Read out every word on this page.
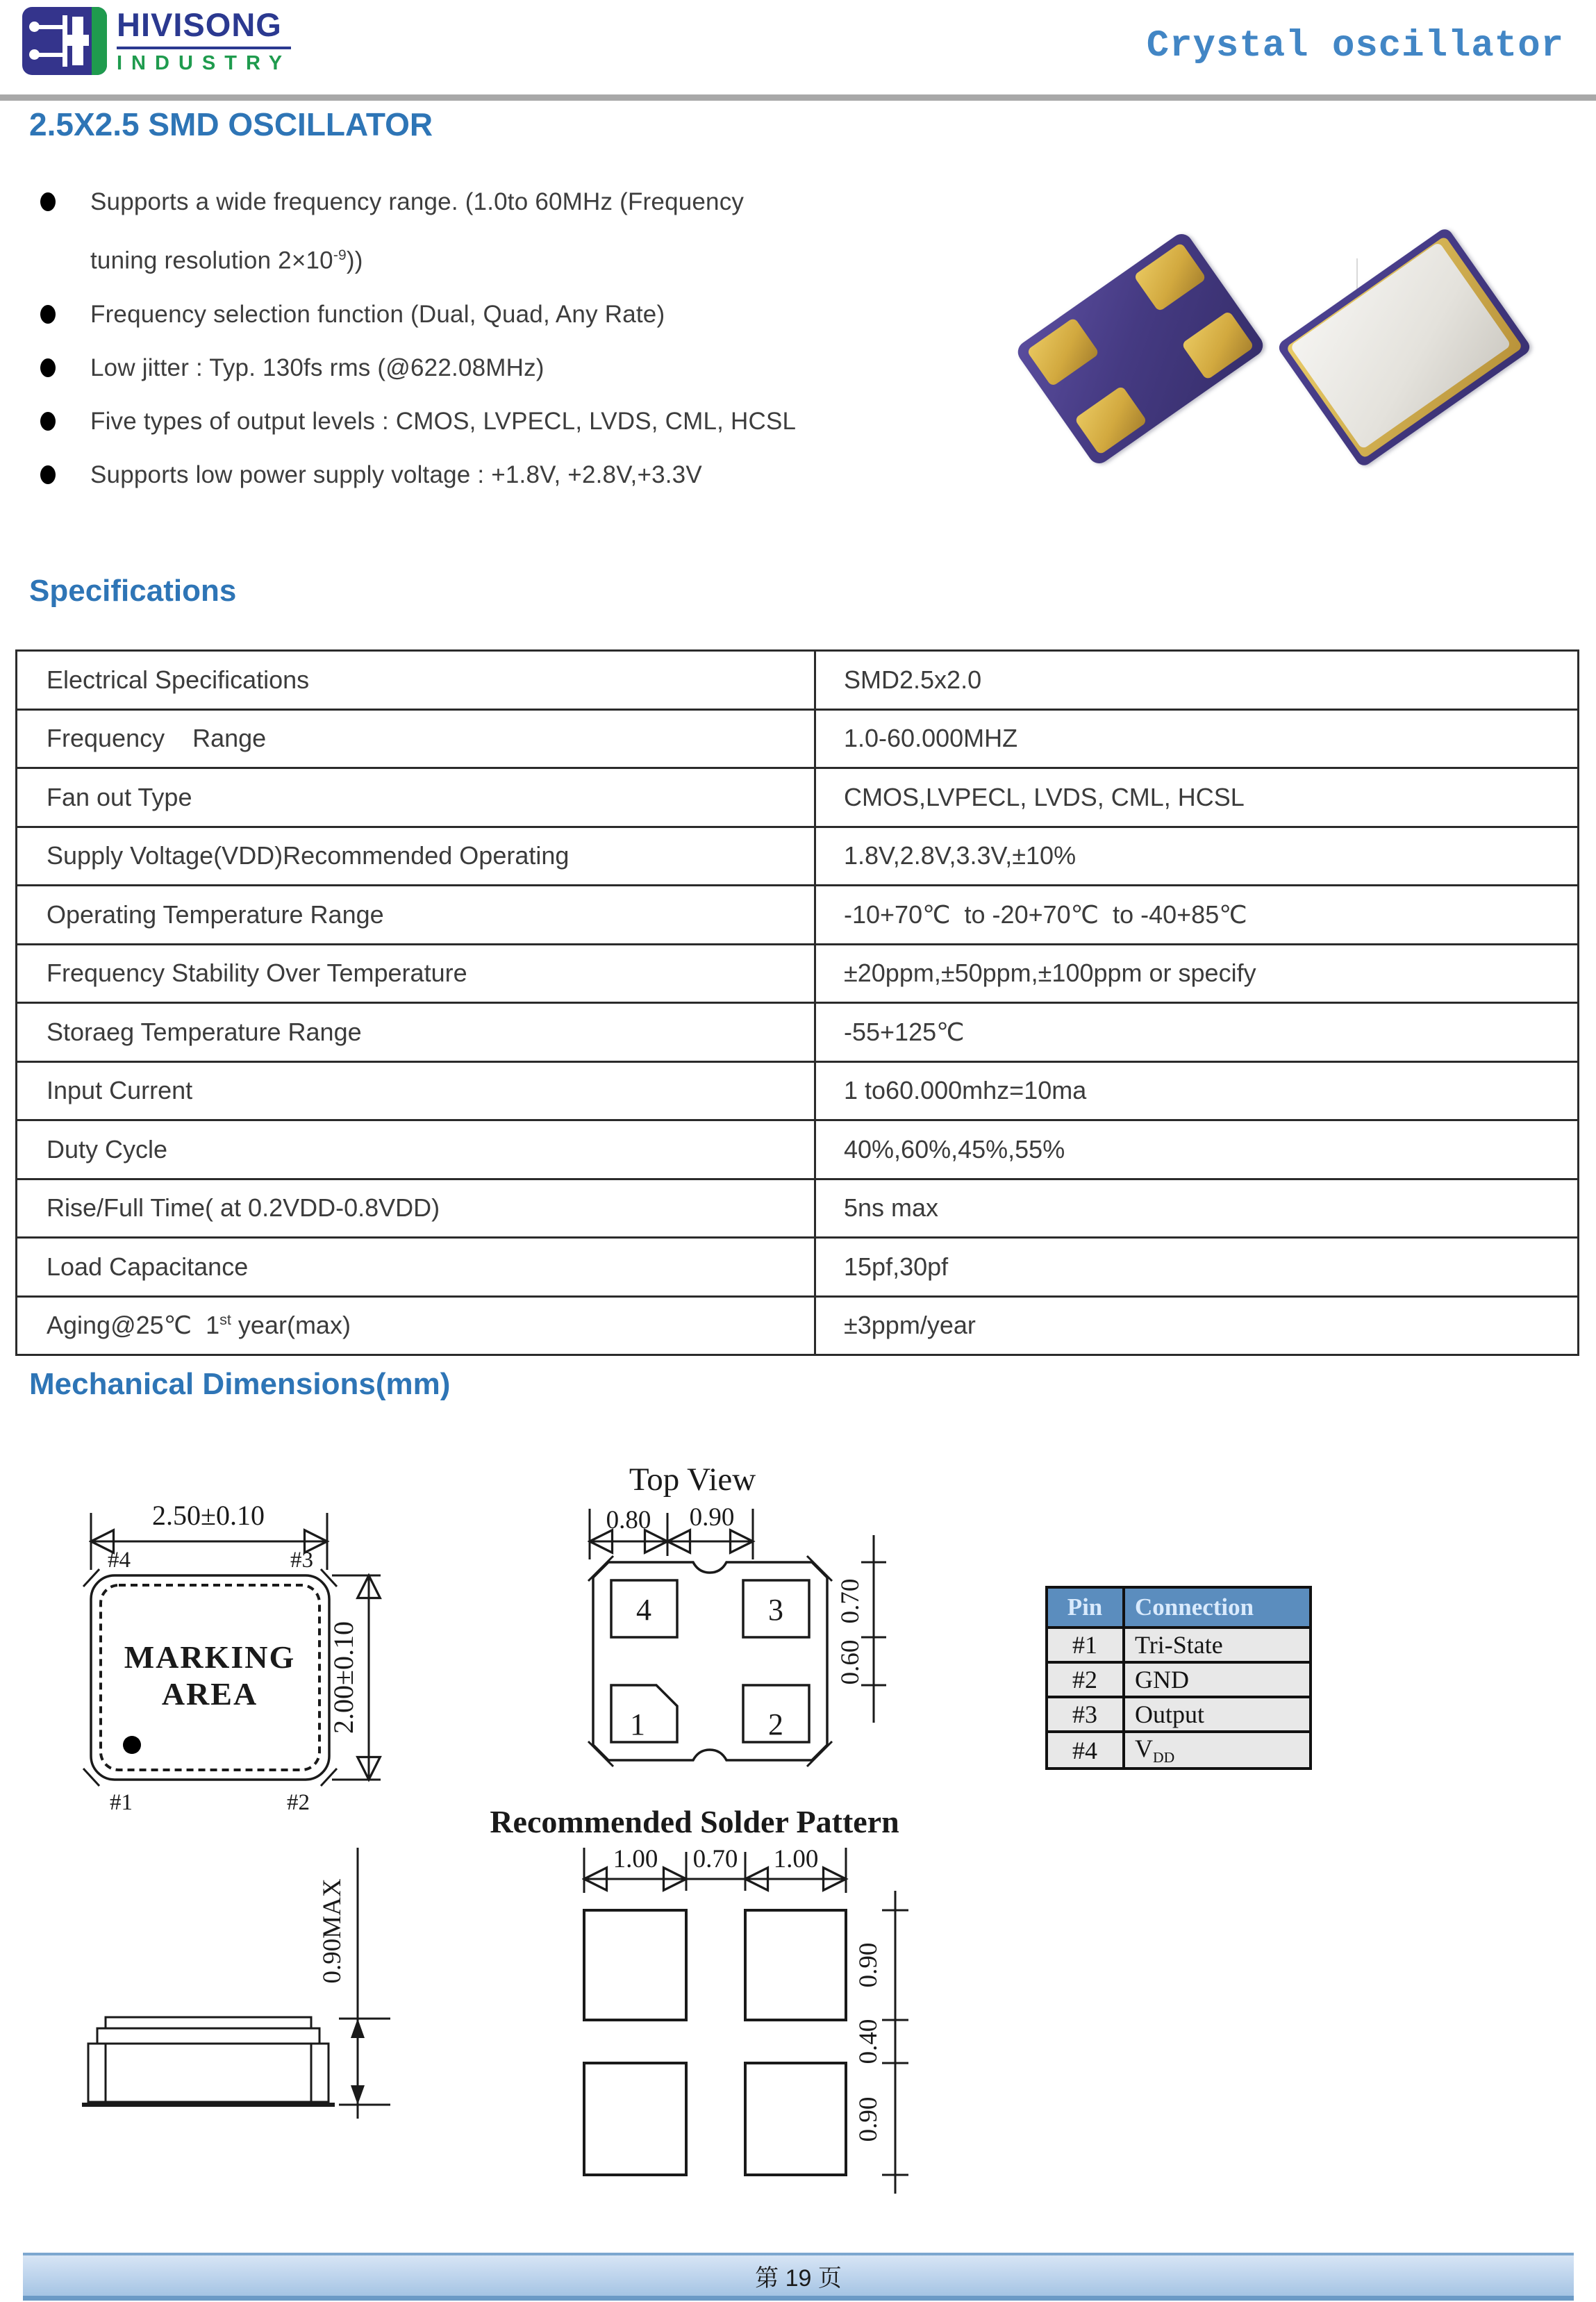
HIVISONG
INDUSTRY	Crystal oscillator
2.5X2.5 SMD OSCILLATOR
Supports a wide frequency range. (1.0to 60MHz (Frequency
tuning resolution $2\times 10^{-9}$))
Frequency selection function (Dual, Quad, Any Rate)
Low jitter : Typ. 130fs rms (@622.08MHz)
Five types of output levels : CMOS, LVPECL, LVDS, CML, HCSL
Supports low power supply voltage : +1.8V, +2.8V,+3.3V
Specifications
Electrical Specifications	SMD2.5x2.0
Frequency    Range	1.0-60.000MHZ
Fan out Type	CMOS,LVPECL, LVDS, CML, HCSL
Supply Voltage(VDD)Recommended Operating	1.8V,2.8V,3.3V,±10%
Operating Temperature Range	-10+70℃  to -20+70℃  to -40+85℃
Frequency Stability Over Temperature	±20ppm,±50ppm,±100ppm or specify
Storaeg Temperature Range	-55+125℃
Input Current	1 to60.000mhz=10ma
Duty Cycle	40%,60%,45%,55%
Rise/Full Time( at 0.2VDD-0.8VDD)	5ns max
Load Capacitance	15pf,30pf
Aging@25℃  1st year(max)	±3ppm/year
Mechanical Dimensions(mm)
2.50±0.10
#4	#3
MARKING
AREA
#1	#2
2.00±0.10
Top View
0.80 0.90
4	3
1	2
0.70
0.60
Recommended Solder Pattern
1.00 0.70 1.00
0.90
0.40
0.90
0.90MAX
Pin	Connection
#1	Tri-State
#2	GND
#3	Output
#4	$V_{DD}$
第 19 页
